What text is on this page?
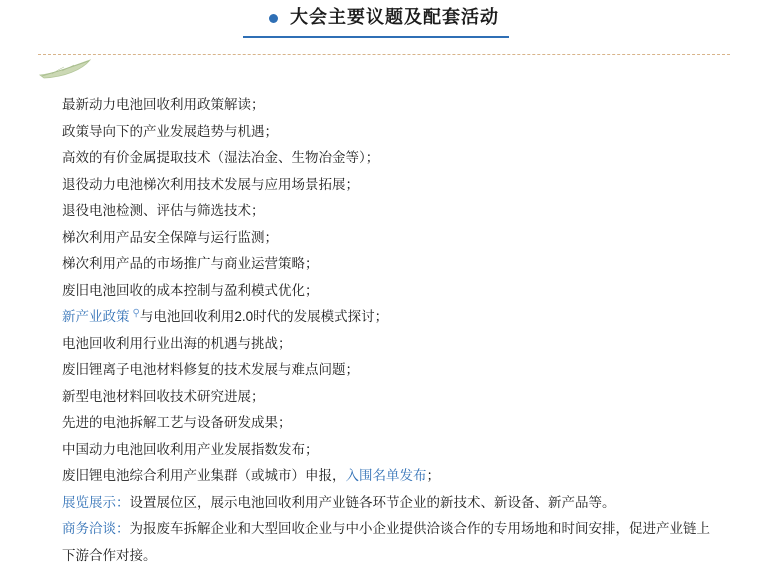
大会主要议题及配套活动
最新动力电池回收利用政策解读；
政策导向下的产业发展趋势与机遇；
高效的有价金属提取技术（湿法冶金、生物冶金等）；
退役动力电池梯次利用技术发展与应用场景拓展；
退役电池检测、评估与筛选技术；
梯次利用产品安全保障与运行监测；
梯次利用产品的市场推广与商业运营策略；
废旧电池回收的成本控制与盈利模式优化；
新产业政策 ⚲与电池回收利用2.0时代的发展模式探讨；
电池回收利用行业出海的机遇与挑战；
废旧锂离子电池材料修复的技术发展与难点问题；
新型电池材料回收技术研究进展；
先进的电池拆解工艺与设备研发成果；
中国动力电池回收利用产业发展指数发布；
废旧锂电池综合利用产业集群（或城市）申报，入围名单发布；
展览展示：设置展位区，展示电池回收利用产业链各环节企业的新技术、新设备、新产品等。
商务洽谈：为报废车拆解企业和大型回收企业与中小企业提供洽谈合作的专用场地和时间安排，促进产业链上下游合作对接。
